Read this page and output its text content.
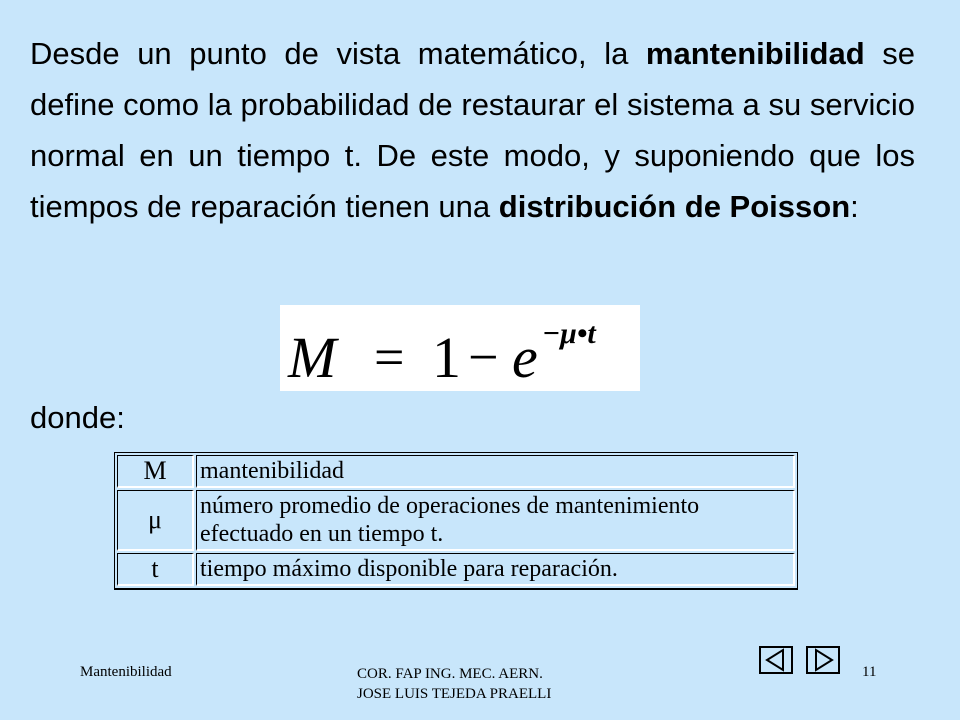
Desde un punto de vista matemático, la mantenibilidad se define como la probabilidad de restaurar el sistema a su servicio normal en un tiempo t. De este modo, y suponiendo que los tiempos de reparación tienen una distribución de Poisson:

M = 1 − e −μ•t
donde:
M	mantenibilidad
μ	número promedio de operaciones de mantenimiento efectuado en un tiempo t.
t	tiempo máximo disponible para reparación.
Mantenibilidad	COR. FAP ING. MEC. AERN.
JOSE LUIS TEJEDA PRAELLI
11
